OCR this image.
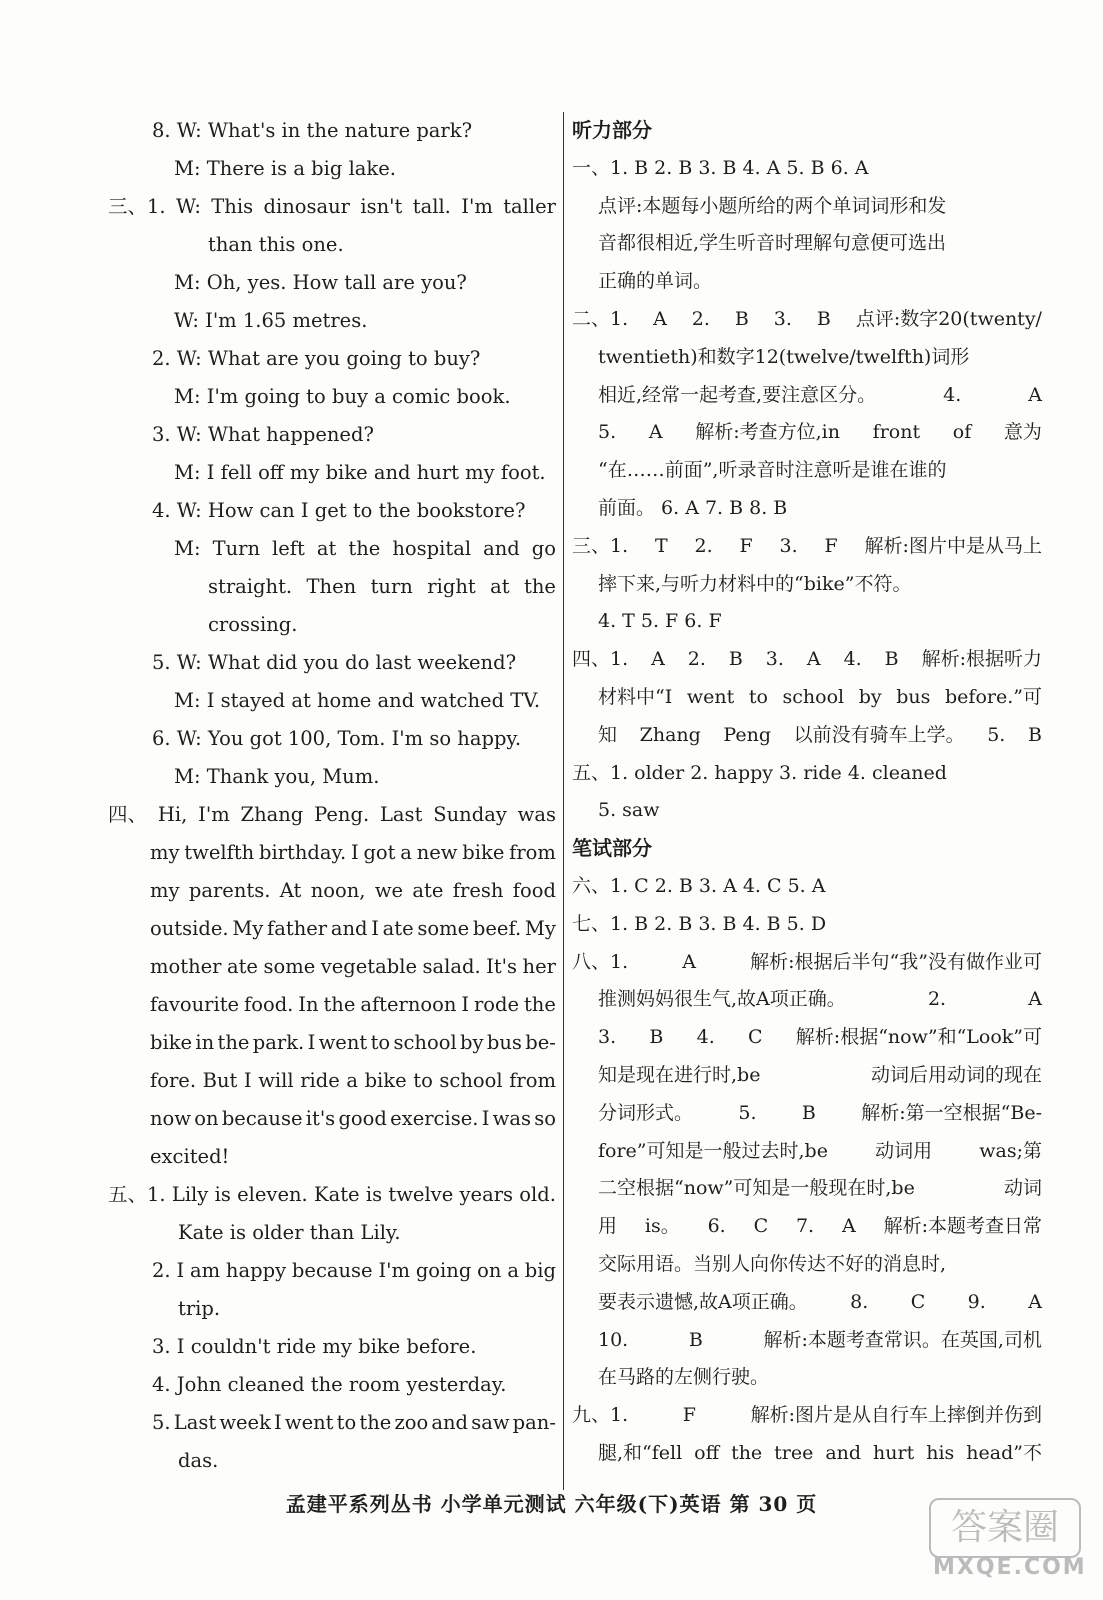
8. W: What's in the nature park?
M: There is a big lake.
三、1. W: This dinosaur isn't tall. I'm taller
than this one.
M: Oh, yes. How tall are you?
W: I'm 1.65 metres.
2. W: What are you going to buy?
M: I'm going to buy a comic book.
3. W: What happened?
M: I fell off my bike and hurt my foot.
4. W: How can I get to the bookstore?
M: Turn left at the hospital and go
straight. Then turn right at the
crossing.
5. W: What did you do last weekend?
M: I stayed at home and watched TV.
6. W: You got 100, Tom. I'm so happy.
M: Thank you, Mum.
四、 Hi, I'm Zhang Peng. Last Sunday was
my twelfth birthday. I got a new bike from
my parents. At noon, we ate fresh food
outside. My father and I ate some beef. My
mother ate some vegetable salad. It's her
favourite food. In the afternoon I rode the
bike in the park. I went to school by bus be-
fore. But I will ride a bike to school from
now on because it's good exercise. I was so
excited!
五、1. Lily is eleven. Kate is twelve years old.
Kate is older than Lily.
2. I am happy because I'm going on a big
trip.
3. I couldn't ride my bike before.
4. John cleaned the room yesterday.
5. Last week I went to the zoo and saw pan-
das.
听力部分
一、1. B 2. B 3. B 4. A 5. B 6. A
点评:本题每小题所给的两个单词词形和发
音都很相近,学生听音时理解句意便可选出
正确的单词。
二、1. A 2. B 3. B 点评:数字20(twenty/
twentieth)和数字12(twelve/twelfth)词形
相近,经常一起考查,要注意区分。	4.	A
5. A 解析:考查方位,in front of 意为
“在……前面”,听录音时注意听是谁在谁的
前面。 6. A 7. B 8. B
三、1. T 2. F 3. F 解析:图片中是从马上
摔下来,与听力材料中的“bike”不符。
4. T 5. F 6. F
四、1. A 2. B 3. A 4. B 解析:根据听力
材料中“I went to school by bus before.”可
知 Zhang Peng 以前没有骑车上学。 5. B
五、1. older 2. happy 3. ride 4. cleaned
5. saw
笔试部分
六、1. C 2. B 3. A 4. C 5. A
七、1. B 2. B 3. B 4. B 5. D
八、1.	A	解析:根据后半句“我”没有做作业可
推测妈妈很生气,故A项正确。	2.	A
3. B 4. C 解析:根据“now”和“Look”可
知是现在进行时,be	动词后用动词的现在
分词形式。 5. B 解析:第一空根据“Be-
fore”可知是一般过去时,be 动词用 was;第
二空根据“now”可知是一般现在时,be	动词
用 is。 6. C 7. A 解析:本题考查日常
交际用语。当别人向你传达不好的消息时,
要表示遗憾,故A项正确。 8. C 9. A
10.	B	解析:本题考查常识。在英国,司机
在马路的左侧行驶。
九、1.	F	解析:图片是从自行车上摔倒并伤到
腿,和“fell off the tree and hurt his head”不
孟建平系列丛书 小学单元测试 六年级(下)英语 第 30 页
答案圈
MXQE.COM
